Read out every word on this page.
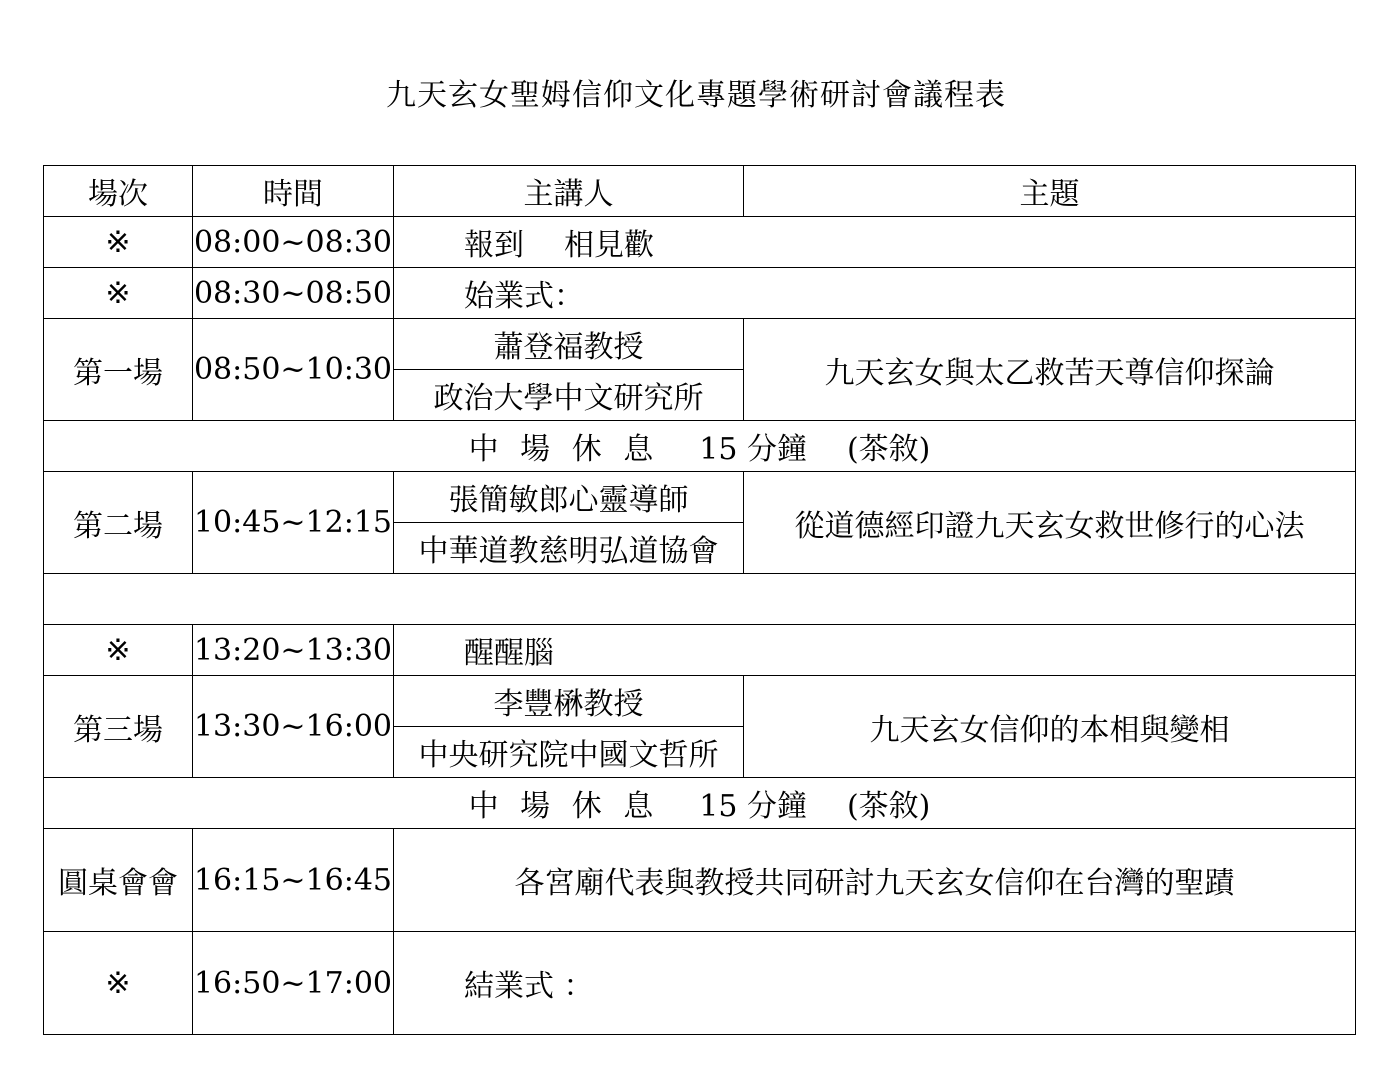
九天玄女聖姆信仰文化專題學術研討會議程表
場次	時間	主講人	主題
※	08:00~08:30	報到 相見歡	
※	08:30~08:50	始業式：	
第一場	08:50~10:30	蕭登福教授	九天玄女與太乙救苦天尊信仰探論
		政治大學中文研究所	
中 場 休 息 15 分鐘 (茶敘)			
第二場	10:45~12:15	張簡敏郎心靈導師	從道德經印證九天玄女救世修行的心法
		中華道教慈明弘道協會	

※	13:20~13:30	醒醒腦	
第三場	13:30~16:00	李豐楙教授	九天玄女信仰的本相與變相
		中央研究院中國文哲所	
中 場 休 息 15 分鐘 (茶敘)			
圓桌會會	16:15~16:45	各宮廟代表與教授共同研討九天玄女信仰在台灣的聖蹟	
※	16:50~17:00	結業式 ：	
